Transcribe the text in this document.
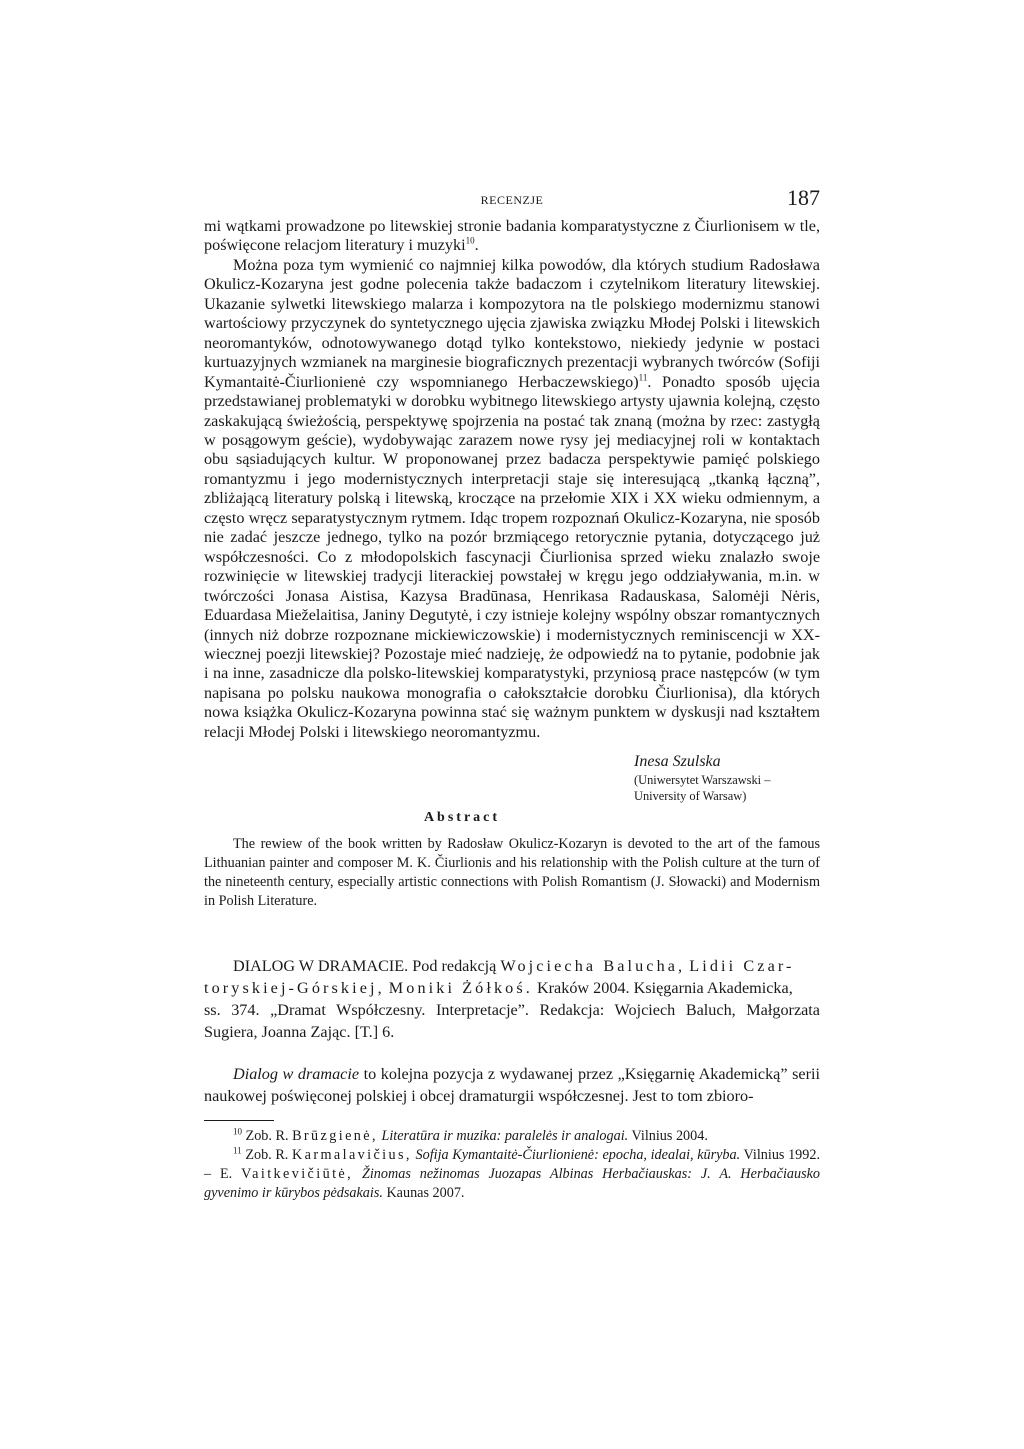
RECENZJE	187

mi wątkami prowadzone po litewskiej stronie badania komparatystyczne z Čiurlionisem w tle, poświęcone relacjom literatury i muzyki$^{10}$.

Można poza tym wymienić co najmniej kilka powodów, dla których studium Radosława Okulicz-Kozaryna jest godne polecenia także badaczom i czytelnikom literatury litewskiej. Ukazanie sylwetki litewskiego malarza i kompozytora na tle polskiego modernizmu stanowi wartościowy przyczynek do syntetycznego ujęcia zjawiska związku Młodej Polski i litewskich neoromantyków, odnotowywanego dotąd tylko kontekstowo, niekiedy jedynie w postaci kurtuazyjnych wzmianek na marginesie biograficznych prezentacji wybranych twórców (Sofiji Kymantaitė-Čiurlionienė czy wspomnianego Herbaczewskiego)$^{11}$. Ponadto sposób ujęcia przedstawianej problematyki w dorobku wybitnego litewskiego artysty ujawnia kolejną, często zaskakującą świeżością, perspektywę spojrzenia na postać tak znaną (można by rzec: zastygłą w posągowym geście), wydobywając zarazem nowe rysy jej mediacyjnej roli w kontaktach obu sąsiadujących kultur. W proponowanej przez badacza perspektywie pamięć polskiego romantyzmu i jego modernistycznych interpretacji staje się interesującą „tkanką łączną”, zbliżającą literatury polską i litewską, kroczące na przełomie XIX i XX wieku odmiennym, a często wręcz separatystycznym rytmem. Idąc tropem rozpoznań Okulicz-Kozaryna, nie sposób nie zadać jeszcze jednego, tylko na pozór brzmiącego retorycznie pytania, dotyczącego już współczesności. Co z młodopolskich fascynacji Čiurlionisa sprzed wieku znalazło swoje rozwinięcie w litewskiej tradycji literackiej powstałej w kręgu jego oddziaływania, m.in. w twórczości Jonasa Aistisa, Kazysa Bradūnasa, Henrikasa Radauskasa, Salomėji Nėris, Eduardasa Mieželaitisa, Janiny Degutytė, i czy istnieje kolejny wspólny obszar romantycznych (innych niż dobrze rozpoznane mickiewiczowskie) i modernistycznych reminiscencji w XX-wiecznej poezji litewskiej? Pozostaje mieć nadzieję, że odpowiedź na to pytanie, podobnie jak i na inne, zasadnicze dla polsko-litewskiej komparatystyki, przyniosą prace następców (w tym napisana po polsku naukowa monografia o całokształcie dorobku Čiurlionisa), dla których nowa książka Okulicz-Kozaryna powinna stać się ważnym punktem w dyskusji nad kształtem relacji Młodej Polski i litewskiego neoromantyzmu.

Inesa Szulska
(Uniwersytet Warszawski –
University of Warsaw)
Abstract
The rewiew of the book written by Radosław Okulicz-Kozaryn is devoted to the art of the famous Lithuanian painter and composer M. K. Čiurlionis and his relationship with the Polish culture at the turn of the nineteenth century, especially artistic connections with Polish Romantism (J. Słowacki) and Modernism in Polish Literature.
DIALOG W DRAMACIE. Pod redakcją Wojciecha Balucha, Lidii Czar-
toryskiej-Górskiej, Moniki Żółkoś. Kraków 2004. Księgarnia Akademicka,
ss. 374. „Dramat Współczesny. Interpretacje”. Redakcja: Wojciech Baluch, Małgorzata Sugiera, Joanna Zając. [T.] 6.
Dialog w dramacie to kolejna pozycja z wydawanej przez „Księgarnię Akademicką” serii naukowej poświęconej polskiej i obcej dramaturgii współczesnej. Jest to tom zbioro-
$^{10}$ Zob. R. Brūzgienė, Literatūra ir muzika: paralelės ir analogai. Vilnius 2004.
$^{11}$ Zob. R. Karmalavičius, Sofija Kymantaitė-Čiurlionienė: epocha, idealai, kūryba. Vilnius 1992. – E. Vaitkevičiūtė, Žinomas nežinomas Juozapas Albinas Herbačiauskas: J. A. Herbačiausko gyvenimo ir kūrybos pėdsakais. Kaunas 2007.
